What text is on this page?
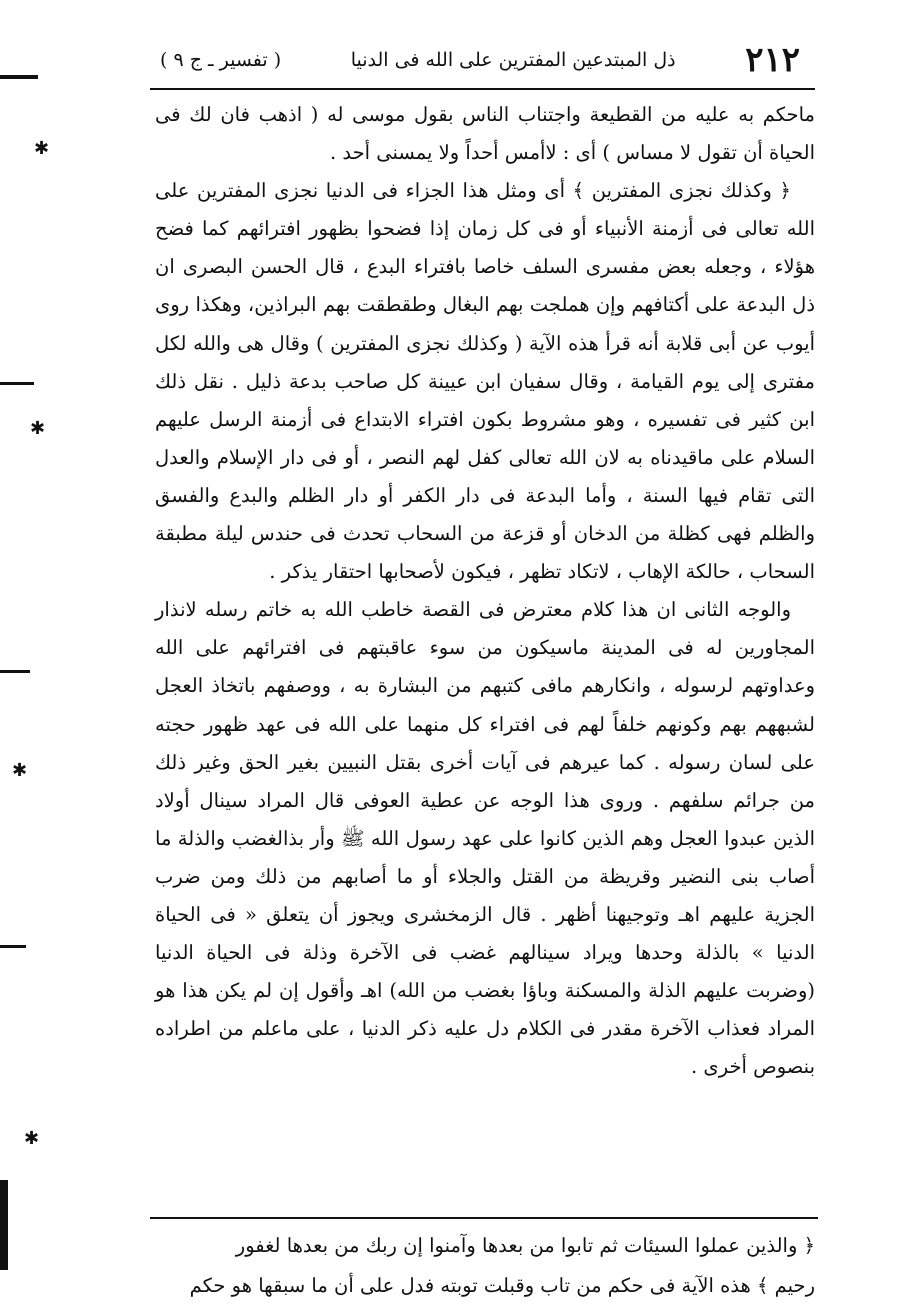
٢١٢
ذل المبتدعين المفترين على الله فى الدنيا
( تفسير ـ ج ٩ )

ماحكم به عليه من القطيعة واجتناب الناس بقول موسى له ( اذهب فان لك فى الحياة أن تقول لا مساس ) أى : لاأمس أحداً ولا يمسنى أحد .

﴿ وكذلك نجزى المفترين ﴾ أى ومثل هذا الجزاء فى الدنيا نجزى المفترين على الله تعالى فى أزمنة الأنبياء أو فى كل زمان إذا فضحوا بظهور افترائهم كما فضح هؤلاء ، وجعله بعض مفسرى السلف خاصا بافتراء البدع ، قال الحسن البصرى ان ذل البدعة على أكتافهم وإن هملجت بهم البغال وطقطقت بهم البراذين، وهكذا روى أيوب عن أبى قلابة أنه قرأ هذه الآية ( وكذلك نجزى المفترين ) وقال هى والله لكل مفترى إلى يوم القيامة ، وقال سفيان ابن عيينة كل صاحب بدعة ذليل . نقل ذلك ابن كثير فى تفسيره ، وهو مشروط بكون افتراء الابتداع فى أزمنة الرسل عليهم السلام على ماقيدناه به لان الله تعالى كفل لهم النصر ، أو فى دار الإسلام والعدل التى تقام فيها السنة ، وأما البدعة فى دار الكفر أو دار الظلم والبدع والفسق والظلم فهى كظلة من الدخان أو قزعة من السحاب تحدث فى حندس ليلة مطبقة السحاب ، حالكة الإهاب ، لاتكاد تظهر ، فيكون لأصحابها احتقار يذكر .

والوجه الثانى ان هذا كلام معترض فى القصة خاطب الله به خاتم رسله لانذار المجاورين له فى المدينة ماسيكون من سوء عاقبتهم فى افترائهم على الله وعداوتهم لرسوله ، وانكارهم مافى كتبهم من البشارة به ، ووصفهم باتخاذ العجل لشبههم بهم وكونهم خلفاً لهم فى افتراء كل منهما على الله فى عهد ظهور حجته على لسان رسوله . كما عيرهم فى آيات أخرى بقتل النبيين بغير الحق وغير ذلك من جرائم سلفهم . وروى هذا الوجه عن عطية العوفى قال المراد سينال أولاد الذين عبدوا العجل وهم الذين كانوا على عهد رسول الله ﷺ وأر بذالغضب والذلة ما أصاب بنى النضير وقريظة من القتل والجلاء أو ما أصابهم من ذلك ومن ضرب الجزية عليهم اهـ وتوجيهنا أظهر . قال الزمخشرى ويجوز أن يتعلق « فى الحياة الدنيا » بالذلة وحدها ويراد سينالهم غضب فى الآخرة وذلة فى الحياة الدنيا (وضربت عليهم الذلة والمسكنة وباؤا بغضب من الله) اهـ وأقول إن لم يكن هذا هو المراد فعذاب الآخرة مقدر فى الكلام دل عليه ذكر الدنيا ، على ماعلم من اطراده بنصوص أخرى .

﴿ والذين عملوا السيئات ثم تابوا من بعدها وآمنوا إن ربك من بعدها لغفور

رحيم ﴾ هذه الآية فى حكم من تاب وقبلت توبته فدل على أن ما سبقها هو حكم

✱
✱
✱
✱
